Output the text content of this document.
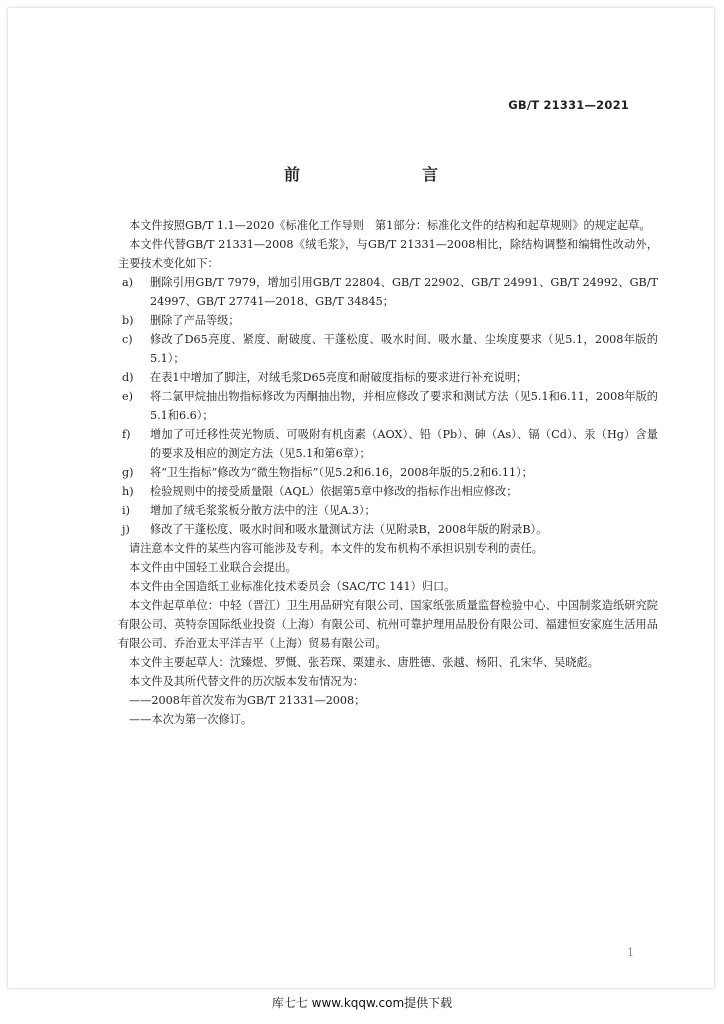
GB/T 21331—2021
前　　言

本文件按照GB/T 1.1—2020《标准化工作导则　第1部分：标准化文件的结构和起草规则》的规定起草。

本文件代替GB/T 21331—2008《绒毛浆》，与GB/T 21331—2008相比，除结构调整和编辑性改动外，主要技术变化如下：

a) 删除引用GB/T 7979，增加引用GB/T 22804、GB/T 22902、GB/T 24991、GB/T 24992、GB/T 24997、GB/T 27741—2018、GB/T 34845；
b) 删除了产品等级；
c) 修改了D65亮度、紧度、耐破度、干蓬松度、吸水时间、吸水量、尘埃度要求（见5.1，2008年版的5.1）；
d) 在表1中增加了脚注，对绒毛浆D65亮度和耐破度指标的要求进行补充说明；
e) 将二氯甲烷抽出物指标修改为丙酮抽出物，并相应修改了要求和测试方法（见5.1和6.11，2008年版的5.1和6.6）；
f) 增加了可迁移性荧光物质、可吸附有机卤素（AOX）、铅（Pb）、砷（As）、镉（Cd）、汞（Hg）含量的要求及相应的测定方法（见5.1和第6章）；
g) 将“卫生指标”修改为“微生物指标”（见5.2和6.16，2008年版的5.2和6.11）；
h) 检验规则中的接受质量限（AQL）依据第5章中修改的指标作出相应修改；
i) 增加了绒毛浆浆板分散方法中的注（见A.3）；
j) 修改了干蓬松度、吸水时间和吸水量测试方法（见附录B，2008年版的附录B）。

请注意本文件的某些内容可能涉及专利。本文件的发布机构不承担识别专利的责任。

本文件由中国轻工业联合会提出。

本文件由全国造纸工业标准化技术委员会（SAC/TC 141）归口。

本文件起草单位：中轻（晋江）卫生用品研究有限公司、国家纸张质量监督检验中心、中国制浆造纸研究院有限公司、英特奈国际纸业投资（上海）有限公司、杭州可靠护理用品股份有限公司、福建恒安家庭生活用品有限公司、乔治亚太平洋吉平（上海）贸易有限公司。

本文件主要起草人：沈臻煜、罗慨、张若琛、栗建永、唐胜德、张越、杨阳、孔宋华、吴晓彪。

本文件及其所代替文件的历次版本发布情况为：

——2008年首次发布为GB/T 21331—2008；

——本次为第一次修订。

1
库七七 www.kqqw.com提供下载
